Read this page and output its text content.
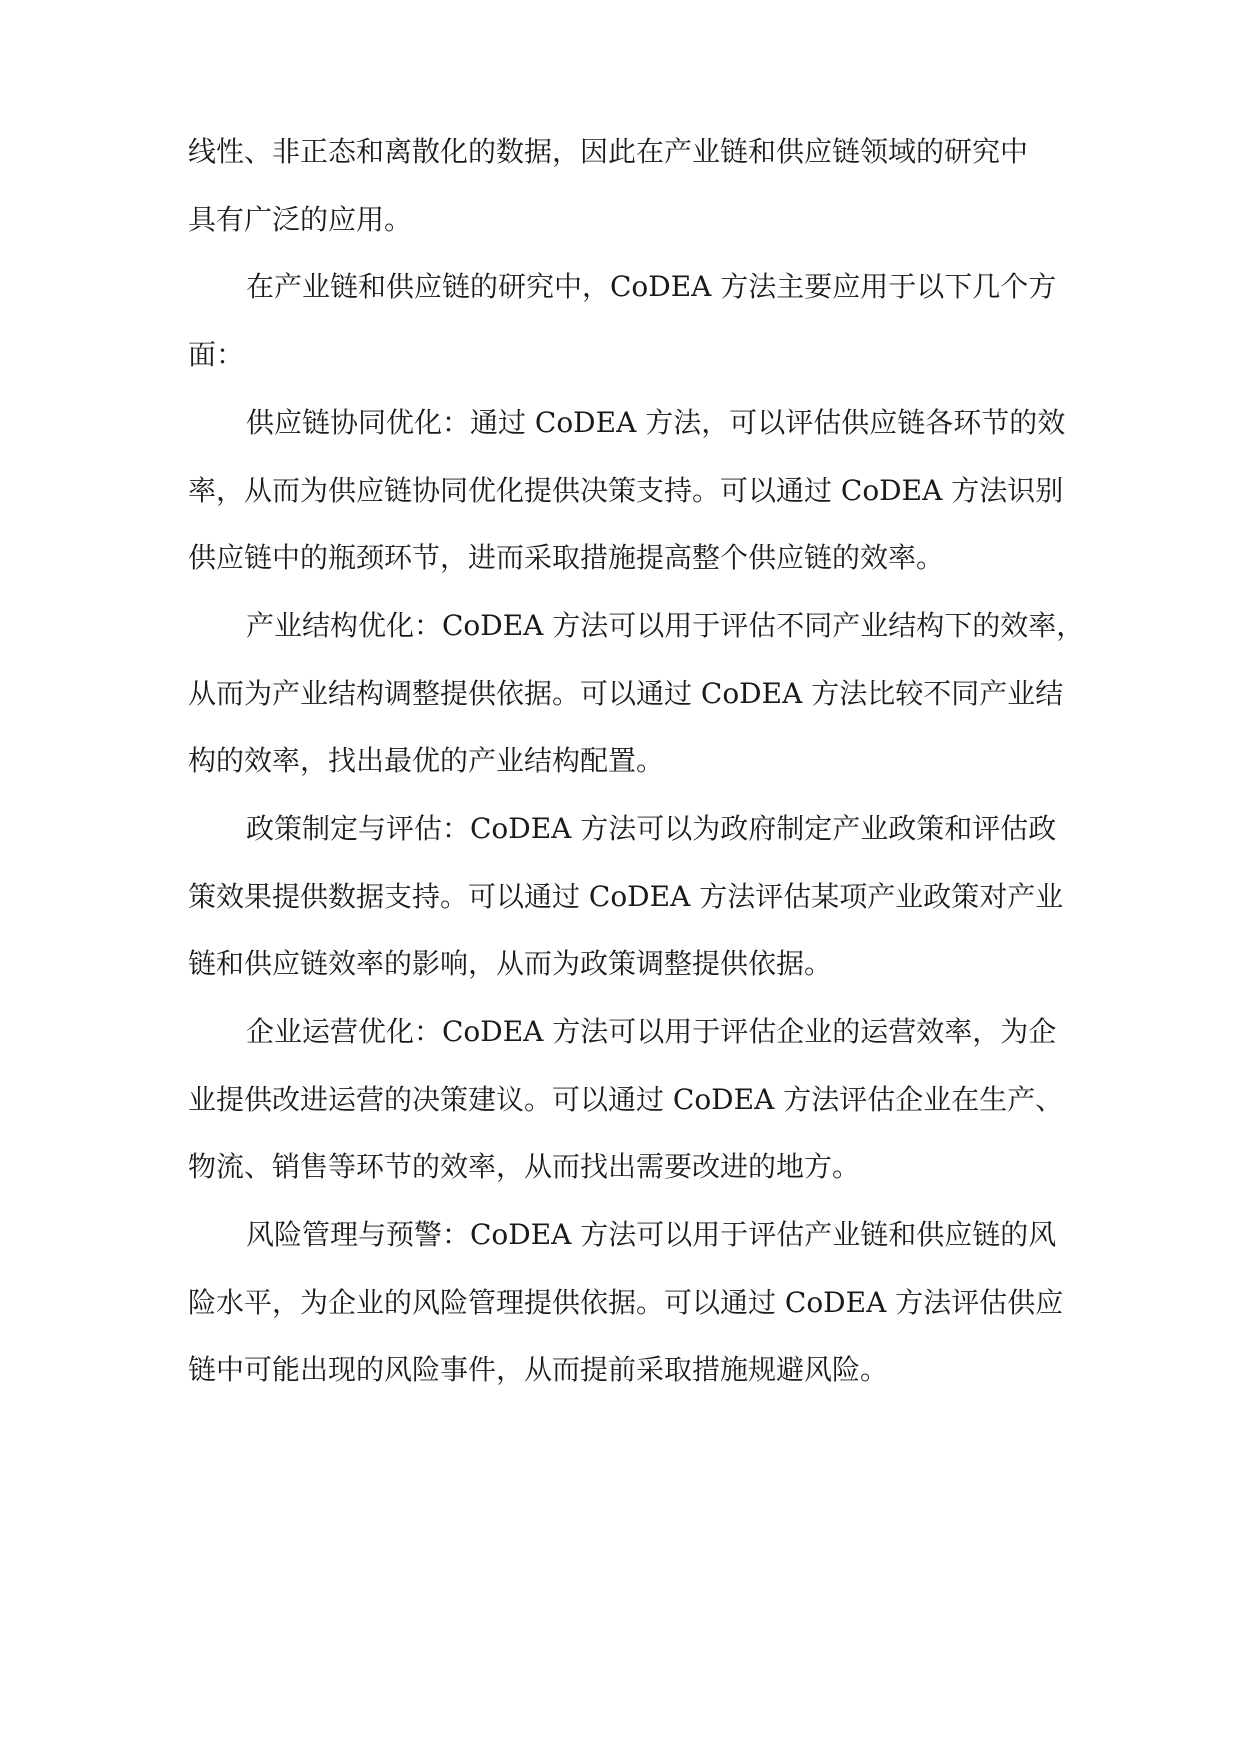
线性、非正态和离散化的数据，因此在产业链和供应链领域的研究中

具有广泛的应用。

在产业链和供应链的研究中，CoDEA 方法主要应用于以下几个方

面：

供应链协同优化：通过 CoDEA 方法，可以评估供应链各环节的效

率，从而为供应链协同优化提供决策支持。可以通过 CoDEA 方法识别

供应链中的瓶颈环节，进而采取措施提高整个供应链的效率。

产业结构优化：CoDEA 方法可以用于评估不同产业结构下的效率，

从而为产业结构调整提供依据。可以通过 CoDEA 方法比较不同产业结

构的效率，找出最优的产业结构配置。

政策制定与评估：CoDEA 方法可以为政府制定产业政策和评估政

策效果提供数据支持。可以通过 CoDEA 方法评估某项产业政策对产业

链和供应链效率的影响，从而为政策调整提供依据。

企业运营优化：CoDEA 方法可以用于评估企业的运营效率，为企

业提供改进运营的决策建议。可以通过 CoDEA 方法评估企业在生产、

物流、销售等环节的效率，从而找出需要改进的地方。

风险管理与预警：CoDEA 方法可以用于评估产业链和供应链的风

险水平，为企业的风险管理提供依据。可以通过 CoDEA 方法评估供应

链中可能出现的风险事件，从而提前采取措施规避风险。
